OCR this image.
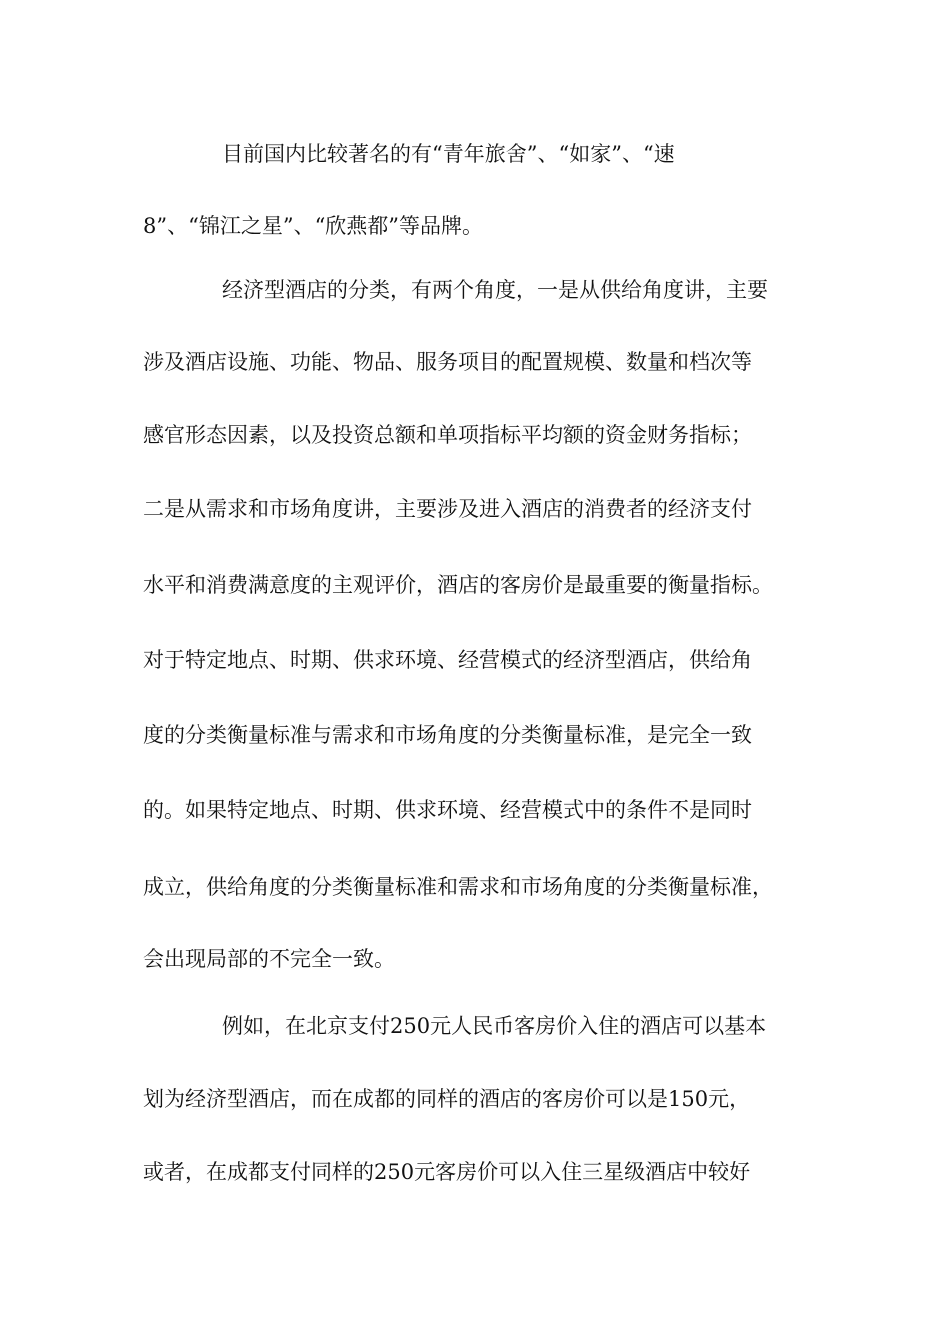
目前国内比较著名的有“青年旅舍”、“如家”、“速
8”、“锦江之星”、“欣燕都”等品牌。
经济型酒店的分类，有两个角度，一是从供给角度讲，主要
涉及酒店设施、功能、物品、服务项目的配置规模、数量和档次等
感官形态因素，以及投资总额和单项指标平均额的资金财务指标；
二是从需求和市场角度讲，主要涉及进入酒店的消费者的经济支付
水平和消费满意度的主观评价，酒店的客房价是最重要的衡量指标。
对于特定地点、时期、供求环境、经营模式的经济型酒店，供给角
度的分类衡量标准与需求和市场角度的分类衡量标准，是完全一致
的。如果特定地点、时期、供求环境、经营模式中的条件不是同时
成立，供给角度的分类衡量标准和需求和市场角度的分类衡量标准，
会出现局部的不完全一致。
例如，在北京支付250元人民币客房价入住的酒店可以基本
划为经济型酒店，而在成都的同样的酒店的客房价可以是150元，
或者，在成都支付同样的250元客房价可以入住三星级酒店中较好
